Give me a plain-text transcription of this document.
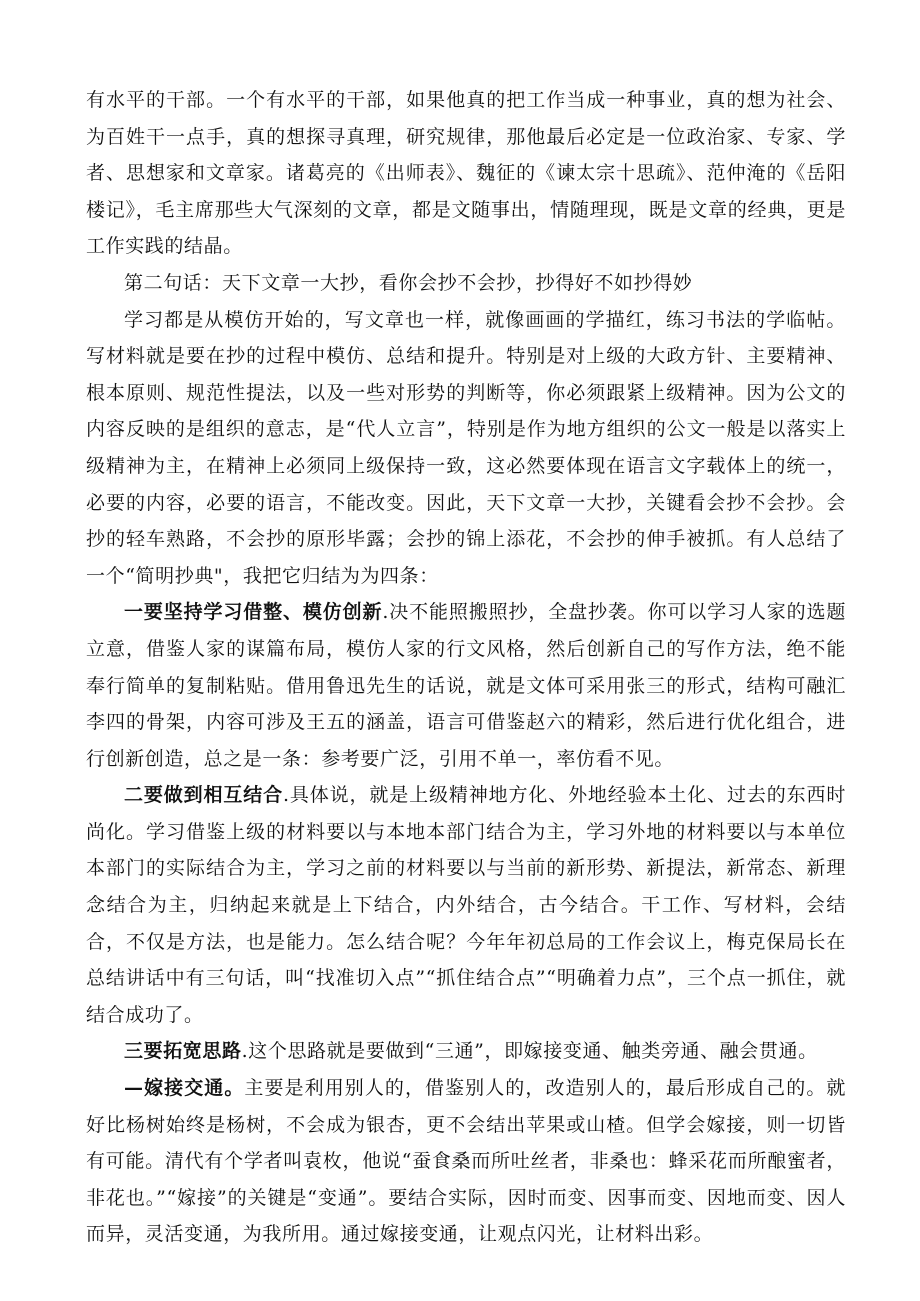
有水平的干部。一个有水平的干部，如果他真的把工作当成一种事业，真的想为社会、为百姓干一点手，真的想探寻真理，研究规律，那他最后必定是一位政治家、专家、学者、思想家和文章家。诸葛亮的《出师表》、魏征的《谏太宗十思疏》、范仲淹的《岳阳楼记》，毛主席那些大气深刻的文章，都是文随事出，情随理现，既是文章的经典，更是工作实践的结晶。

第二句话：天下文章一大抄，看你会抄不会抄，抄得好不如抄得妙

学习都是从模仿开始的，写文章也一样，就像画画的学描红，练习书法的学临帖。写材料就是要在抄的过程中模仿、总结和提升。特别是对上级的大政方针、主要精神、根本原则、规范性提法，以及一些对形势的判断等，你必须跟紧上级精神。因为公文的内容反映的是组织的意志，是“代人立言”，特别是作为地方组织的公文一般是以落实上级精神为主，在精神上必须同上级保持一致，这必然要体现在语言文字载体上的统一，必要的内容，必要的语言，不能改变。因此，天下文章一大抄，关键看会抄不会抄。会抄的轻车熟路，不会抄的原形毕露；会抄的锦上添花，不会抄的伸手被抓。有人总结了一个“简明抄典"，我把它归结为为四条：

一要坚持学习借整、模仿创新.决不能照搬照抄，全盘抄袭。你可以学习人家的选题立意，借鉴人家的谋篇布局，模仿人家的行文风格，然后创新自己的写作方法，绝不能奉行简单的复制粘贴。借用鲁迅先生的话说，就是文体可采用张三的形式，结构可融汇李四的骨架，内容可涉及王五的涵盖，语言可借鉴赵六的精彩，然后进行优化组合，进行创新创造，总之是一条：参考要广泛，引用不单一，率仿看不见。

二要做到相互结合.具体说，就是上级精神地方化、外地经验本土化、过去的东西时尚化。学习借鉴上级的材料要以与本地本部门结合为主，学习外地的材料要以与本单位本部门的实际结合为主，学习之前的材料要以与当前的新形势、新提法，新常态、新理念结合为主，归纳起来就是上下结合，内外结合，古今结合。干工作、写材料，会结合，不仅是方法，也是能力。怎么结合呢？今年年初总局的工作会议上，梅克保局长在总结讲话中有三句话，叫“找准切入点”“抓住结合点”“明确着力点”，三个点一抓住，就结合成功了。

三要拓宽思路.这个思路就是要做到“三通”，即嫁接变通、触类旁通、融会贯通。

—嫁接交通。主要是利用别人的，借鉴别人的，改造别人的，最后形成自己的。就好比杨树始终是杨树，不会成为银杏，更不会结出苹果或山楂。但学会嫁接，则一切皆有可能。清代有个学者叫袁枚，他说“蚕食桑而所吐丝者，非桑也：蜂采花而所酿蜜者，非花也。”“嫁接”的关键是“变通”。要结合实际，因时而变、因事而变、因地而变、因人而异，灵活变通，为我所用。通过嫁接变通，让观点闪光，让材料出彩。
